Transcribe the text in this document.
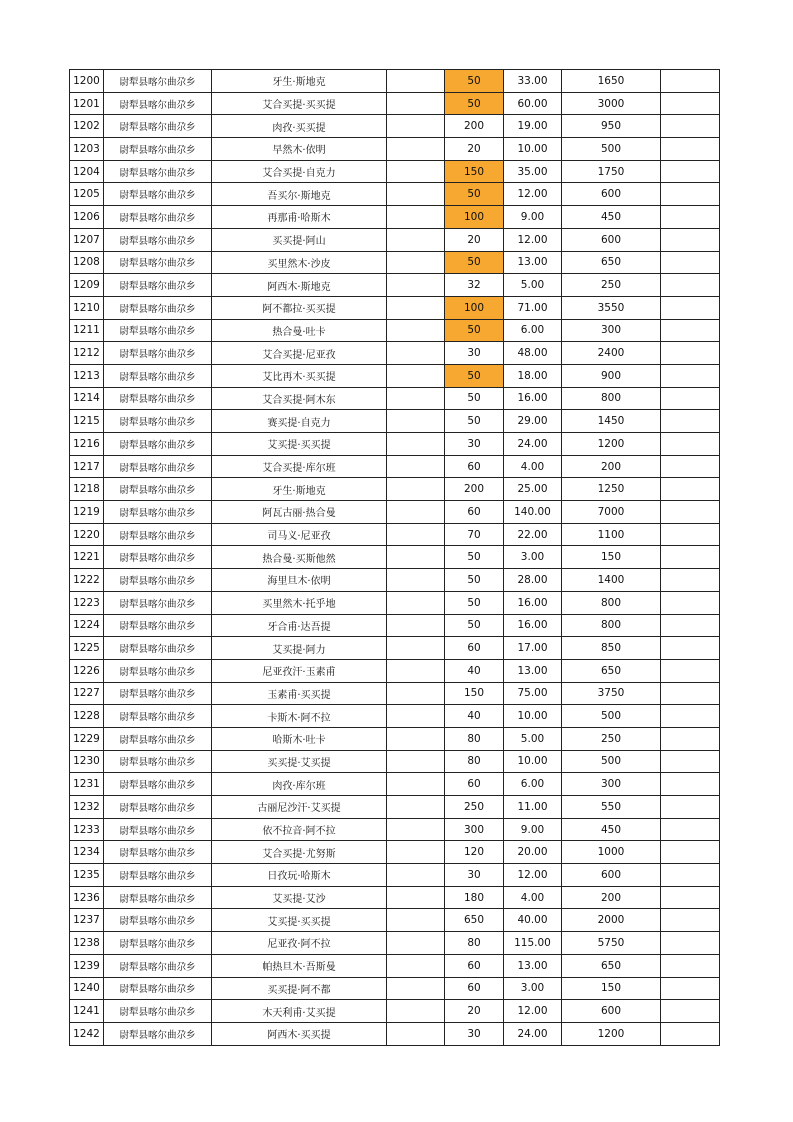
1200	尉犁县喀尔曲尕乡	牙生·斯地克		50	33.00	1650	
1201	尉犁县喀尔曲尕乡	艾合买提·买买提		50	60.00	3000	
1202	尉犁县喀尔曲尕乡	肉孜·买买提		200	19.00	950	
1203	尉犁县喀尔曲尕乡	早然木·依明		20	10.00	500	
1204	尉犁县喀尔曲尕乡	艾合买提·自克力		150	35.00	1750	
1205	尉犁县喀尔曲尕乡	吾买尔·斯地克		50	12.00	600	
1206	尉犁县喀尔曲尕乡	再那甫·哈斯木		100	9.00	450	
1207	尉犁县喀尔曲尕乡	买买提·阿山		20	12.00	600	
1208	尉犁县喀尔曲尕乡	买里然木·沙皮		50	13.00	650	
1209	尉犁县喀尔曲尕乡	阿西木·斯地克		32	5.00	250	
1210	尉犁县喀尔曲尕乡	阿不都拉·买买提		100	71.00	3550	
1211	尉犁县喀尔曲尕乡	热合曼·吐卡		50	6.00	300	
1212	尉犁县喀尔曲尕乡	艾合买提·尼亚孜		30	48.00	2400	
1213	尉犁县喀尔曲尕乡	艾比再木·买买提		50	18.00	900	
1214	尉犁县喀尔曲尕乡	艾合买提·阿木东		50	16.00	800	
1215	尉犁县喀尔曲尕乡	赛买提·自克力		50	29.00	1450	
1216	尉犁县喀尔曲尕乡	艾买提·买买提		30	24.00	1200	
1217	尉犁县喀尔曲尕乡	艾合买提·库尔班		60	4.00	200	
1218	尉犁县喀尔曲尕乡	牙生·斯地克		200	25.00	1250	
1219	尉犁县喀尔曲尕乡	阿瓦古丽·热合曼		60	140.00	7000	
1220	尉犁县喀尔曲尕乡	司马义·尼亚孜		70	22.00	1100	
1221	尉犁县喀尔曲尕乡	热合曼·买斯他然		50	3.00	150	
1222	尉犁县喀尔曲尕乡	海里旦木·依明		50	28.00	1400	
1223	尉犁县喀尔曲尕乡	买里然木·托乎地		50	16.00	800	
1224	尉犁县喀尔曲尕乡	牙合甫·达吾提		50	16.00	800	
1225	尉犁县喀尔曲尕乡	艾买提·阿力		60	17.00	850	
1226	尉犁县喀尔曲尕乡	尼亚孜汗·玉素甫		40	13.00	650	
1227	尉犁县喀尔曲尕乡	玉素甫·买买提		150	75.00	3750	
1228	尉犁县喀尔曲尕乡	卡斯木·阿不拉		40	10.00	500	
1229	尉犁县喀尔曲尕乡	哈斯木·吐卡		80	5.00	250	
1230	尉犁县喀尔曲尕乡	买买提·艾买提		80	10.00	500	
1231	尉犁县喀尔曲尕乡	肉孜·库尔班		60	6.00	300	
1232	尉犁县喀尔曲尕乡	古丽尼沙汗·艾买提		250	11.00	550	
1233	尉犁县喀尔曲尕乡	依不拉音·阿不拉		300	9.00	450	
1234	尉犁县喀尔曲尕乡	艾合买提·尤努斯		120	20.00	1000	
1235	尉犁县喀尔曲尕乡	日孜玩·哈斯木		30	12.00	600	
1236	尉犁县喀尔曲尕乡	艾买提·艾沙		180	4.00	200	
1237	尉犁县喀尔曲尕乡	艾买提·买买提		650	40.00	2000	
1238	尉犁县喀尔曲尕乡	尼亚孜·阿不拉		80	115.00	5750	
1239	尉犁县喀尔曲尕乡	帕热旦木·吾斯曼		60	13.00	650	
1240	尉犁县喀尔曲尕乡	买买提·阿不都		60	3.00	150	
1241	尉犁县喀尔曲尕乡	木天利甫·艾买提		20	12.00	600	
1242	尉犁县喀尔曲尕乡	阿西木·买买提		30	24.00	1200	
